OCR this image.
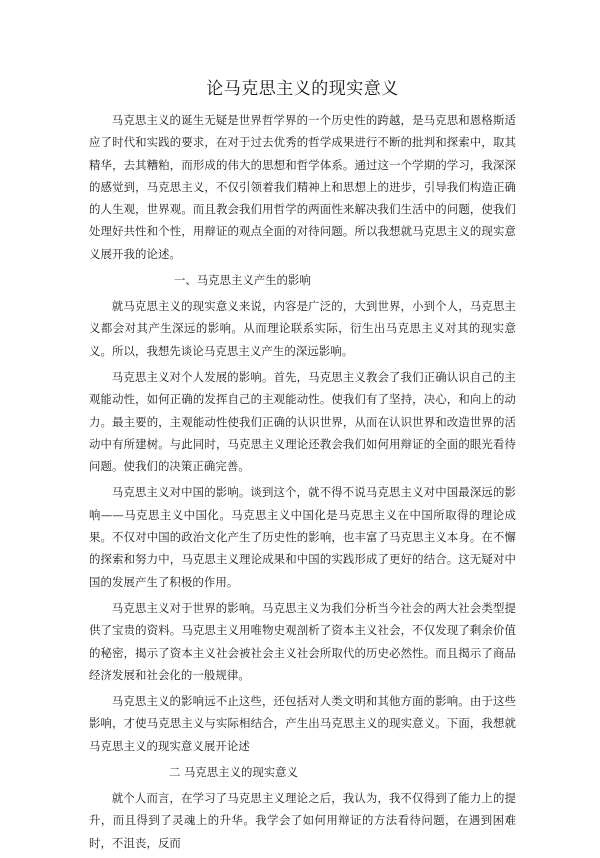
论马克思主义的现实意义

马克思主义的诞生无疑是世界哲学界的一个历史性的跨越，是马克思和恩格斯适应了时代和实践的要求，在对于过去优秀的哲学成果进行不断的批判和探索中，取其精华，去其糟粕，而形成的伟大的思想和哲学体系。通过这一个学期的学习，我深深的感觉到，马克思主义，不仅引领着我们精神上和思想上的进步，引导我们构造正确的人生观，世界观。而且教会我们用哲学的两面性来解决我们生活中的问题，使我们处理好共性和个性，用辩证的观点全面的对待问题。所以我想就马克思主义的现实意义展开我的论述。

一、马克思主义产生的影响

就马克思主义的现实意义来说，内容是广泛的，大到世界，小到个人，马克思主义都会对其产生深远的影响。从而理论联系实际，衍生出马克思主义对其的现实意义。所以，我想先谈论马克思主义产生的深远影响。

马克思主义对个人发展的影响。首先，马克思主义教会了我们正确认识自己的主观能动性，如何正确的发挥自己的主观能动性。使我们有了坚持，决心，和向上的动力。最主要的，主观能动性使我们正确的认识世界，从而在认识世界和改造世界的活动中有所建树。与此同时，马克思主义理论还教会我们如何用辩证的全面的眼光看待问题。使我们的决策正确完善。

马克思主义对中国的影响。谈到这个，就不得不说马克思主义对中国最深远的影响——马克思主义中国化。马克思主义中国化是马克思主义在中国所取得的理论成果。不仅对中国的政治文化产生了历史性的影响，也丰富了马克思主义本身。在不懈的探索和努力中，马克思主义理论成果和中国的实践形成了更好的结合。这无疑对中国的发展产生了积极的作用。

马克思主义对于世界的影响。马克思主义为我们分析当今社会的两大社会类型提供了宝贵的资料。马克思主义用唯物史观剖析了资本主义社会，不仅发现了剩余价值的秘密，揭示了资本主义社会被社会主义社会所取代的历史必然性。而且揭示了商品经济发展和社会化的一般规律。

马克思主义的影响远不止这些，还包括对人类文明和其他方面的影响。由于这些影响，才使马克思主义与实际相结合，产生出马克思主义的现实意义。下面，我想就马克思主义的现实意义展开论述

二 马克思主义的现实意义

就个人而言，在学习了马克思主义理论之后，我认为，我不仅得到了能力上的提升，而且得到了灵魂上的升华。我学会了如何用辩证的方法看待问题，在遇到困难时，不沮丧，反而
